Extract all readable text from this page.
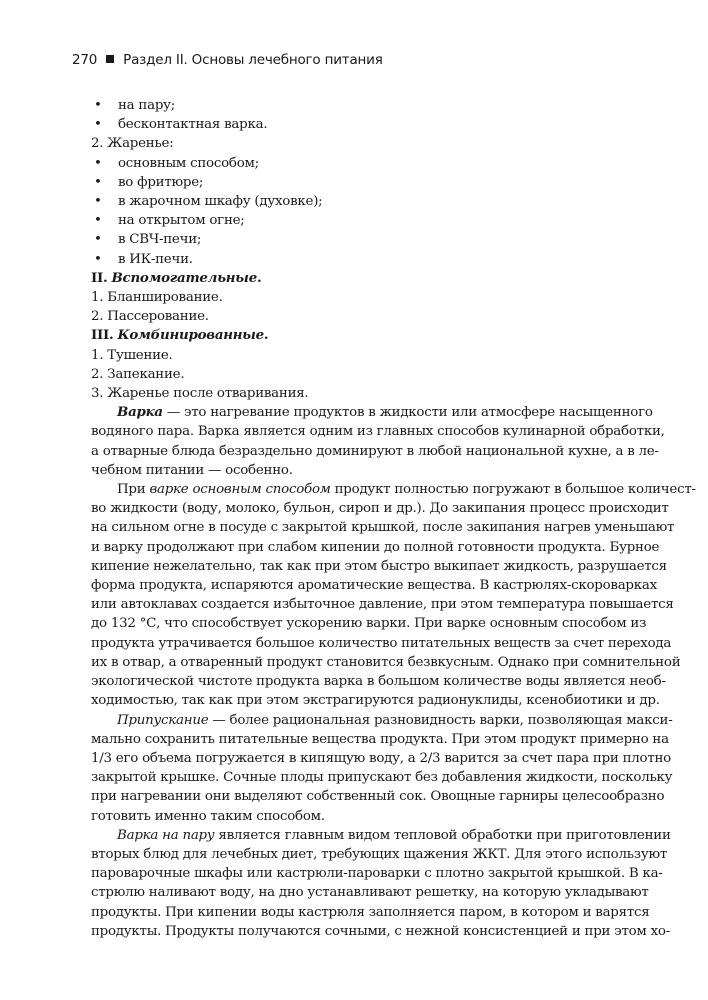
270 Раздел II. Основы лечебного питания
• на пару;
• бесконтактная варка.
2. Жаренье:
• основным способом;
• во фритюре;
• в жарочном шкафу (духовке);
• на открытом огне;
• в СВЧ-печи;
• в ИК-печи.
II. Вспомогательные.
1. Бланширование.
2. Пассерование.
III. Комбинированные.
1. Тушение.
2. Запекание.
3. Жаренье после отваривания.
Варка — это нагревание продуктов в жидкости или атмосфере насыщенного
водяного пара. Варка является одним из главных способов кулинарной обработки,
а отварные блюда безраздельно доминируют в любой национальной кухне, а в ле-
чебном питании — особенно.
При варке основным способом продукт полностью погружают в большое количест-
во жидкости (воду, молоко, бульон, сироп и др.). До закипания процесс происходит
на сильном огне в посуде с закрытой крышкой, после закипания нагрев уменьшают
и варку продолжают при слабом кипении до полной готовности продукта. Бурное
кипение нежелательно, так как при этом быстро выкипает жидкость, разрушается
форма продукта, испаряются ароматические вещества. В кастрюлях-скороварках
или автоклавах создается избыточное давление, при этом температура повышается
до 132 °С, что способствует ускорению варки. При варке основным способом из
продукта утрачивается большое количество питательных веществ за счет перехода
их в отвар, а отваренный продукт становится безвкусным. Однако при сомнительной
экологической чистоте продукта варка в большом количестве воды является необ-
ходимостью, так как при этом экстрагируются радионуклиды, ксенобиотики и др.
Припускание — более рациональная разновидность варки, позволяющая макси-
мально сохранить питательные вещества продукта. При этом продукт примерно на
1/3 его объема погружается в кипящую воду, а 2/3 варится за счет пара при плотно
закрытой крышке. Сочные плоды припускают без добавления жидкости, поскольку
при нагревании они выделяют собственный сок. Овощные гарниры целесообразно
готовить именно таким способом.
Варка на пару является главным видом тепловой обработки при приготовлении
вторых блюд для лечебных диет, требующих щажения ЖКТ. Для этого используют
пароварочные шкафы или кастрюли-пароварки с плотно закрытой крышкой. В ка-
стрюлю наливают воду, на дно устанавливают решетку, на которую укладывают
продукты. При кипении воды кастрюля заполняется паром, в котором и варятся
продукты. Продукты получаются сочными, с нежной консистенцией и при этом хо-
